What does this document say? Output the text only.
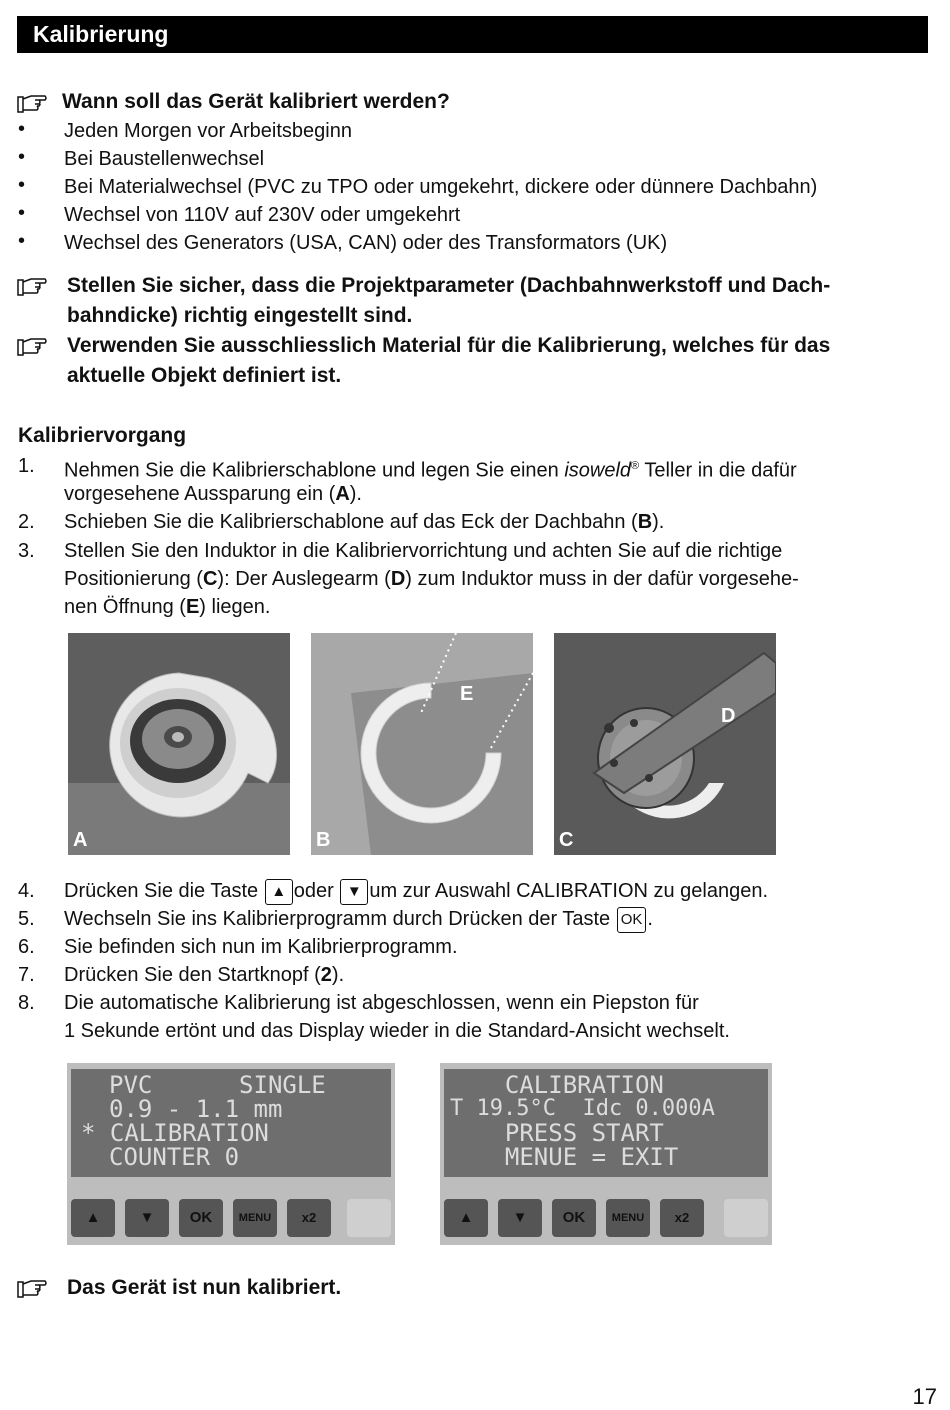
Kalibrierung
Wann soll das Gerät kalibriert werden?
• Jeden Morgen vor Arbeitsbeginn
• Bei Baustellenwechsel
• Bei Materialwechsel (PVC zu TPO oder umgekehrt, dickere oder dünnere Dachbahn)
• Wechsel von 110V auf 230V oder umgekehrt
• Wechsel des Generators (USA, CAN) oder des Transformators (UK)
Stellen Sie sicher, dass die Projektparameter (Dachbahnwerkstoff und Dach-
bahndicke) richtig eingestellt sind.
Verwenden Sie ausschliesslich Material für die Kalibrierung, welches für das
aktuelle Objekt definiert ist.
Kalibriervorgang
1. Nehmen Sie die Kalibrierschablone und legen Sie einen isoweld® Teller in die dafür
vorgesehene Aussparung ein (A).
2. Schieben Sie die Kalibrierschablone auf das Eck der Dachbahn (B).
3. Stellen Sie den Induktor in die Kalibriervorrichtung und achten Sie auf die richtige
Positionierung (C): Der Auslegearm (D) zum Induktor muss in der dafür vorgesehe-
nen Öffnung (E) liegen.
A	B
E
C
D
4. Drücken Sie die Taste ▲ oder ▼ um zur Auswahl CALIBRATION zu gelangen.
5. Wechseln Sie ins Kalibrierprogramm durch Drücken der Taste OK .
6. Sie befinden sich nun im Kalibrierprogramm.
7. Drücken Sie den Startknopf (2).
8. Die automatische Kalibrierung ist abgeschlossen, wenn ein Piepston für
1 Sekunde ertönt und das Display wieder in die Standard-Ansicht wechselt.
PVC      SINGLE
0.9 - 1.1 mm
* CALIBRATION
COUNTER 0
▲	▼	OK	MENU	x2
CALIBRATION
T 19.5°C  Idc 0.000A
PRESS START
MENUE = EXIT
▲	▼	OK	MENU	x2
Das Gerät ist nun kalibriert.
17
